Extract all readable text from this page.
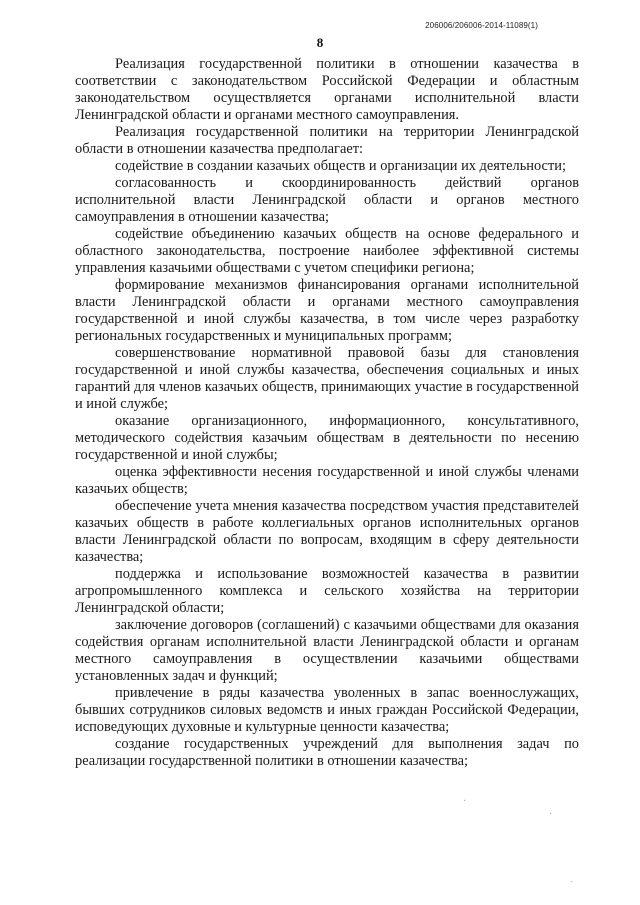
206006/206006-2014-11089(1)
8

Реализация государственной политики в отношении казачества в соответствии с законодательством Российской Федерации и областным законодательством осуществляется органами исполнительной власти Ленинградской области и органами местного самоуправления.

Реализация государственной политики на территории Ленинградской области в отношении казачества предполагает:

содействие в создании казачьих обществ и организации их деятельности;

согласованность и скоординированность действий органов исполнительной власти Ленинградской области и органов местного самоуправления в отношении казачества;

содействие объединению казачьих обществ на основе федерального и областного законодательства, построение наиболее эффективной системы управления казачьими обществами с учетом специфики региона;

формирование механизмов финансирования органами исполнительной власти Ленинградской области и органами местного самоуправления государственной и иной службы казачества, в том числе через разработку региональных государственных и муниципальных программ;

совершенствование нормативной правовой базы для становления государственной и иной службы казачества, обеспечения социальных и иных гарантий для членов казачьих обществ, принимающих участие в государственной и иной службе;

оказание организационного, информационного, консультативного, методического содействия казачьим обществам в деятельности по несению государственной и иной службы;

оценка эффективности несения государственной и иной службы членами казачьих обществ;

обеспечение учета мнения казачества посредством участия представителей казачьих обществ в работе коллегиальных органов исполнительных органов власти Ленинградской области по вопросам, входящим в сферу деятельности казачества;

поддержка и использование возможностей казачества в развитии агропромышленного комплекса и сельского хозяйства на территории Ленинградской области;

заключение договоров (соглашений) с казачьими обществами для оказания содействия органам исполнительной власти Ленинградской области и органам местного самоуправления в осуществлении казачьими обществами установленных задач и функций;

привлечение в ряды казачества уволенных в запас военнослужащих, бывших сотрудников силовых ведомств и иных граждан Российской Федерации, исповедующих духовные и культурные ценности казачества;

создание государственных учреждений для выполнения задач по реализации государственной политики в отношении казачества;

·
·
ˎ
